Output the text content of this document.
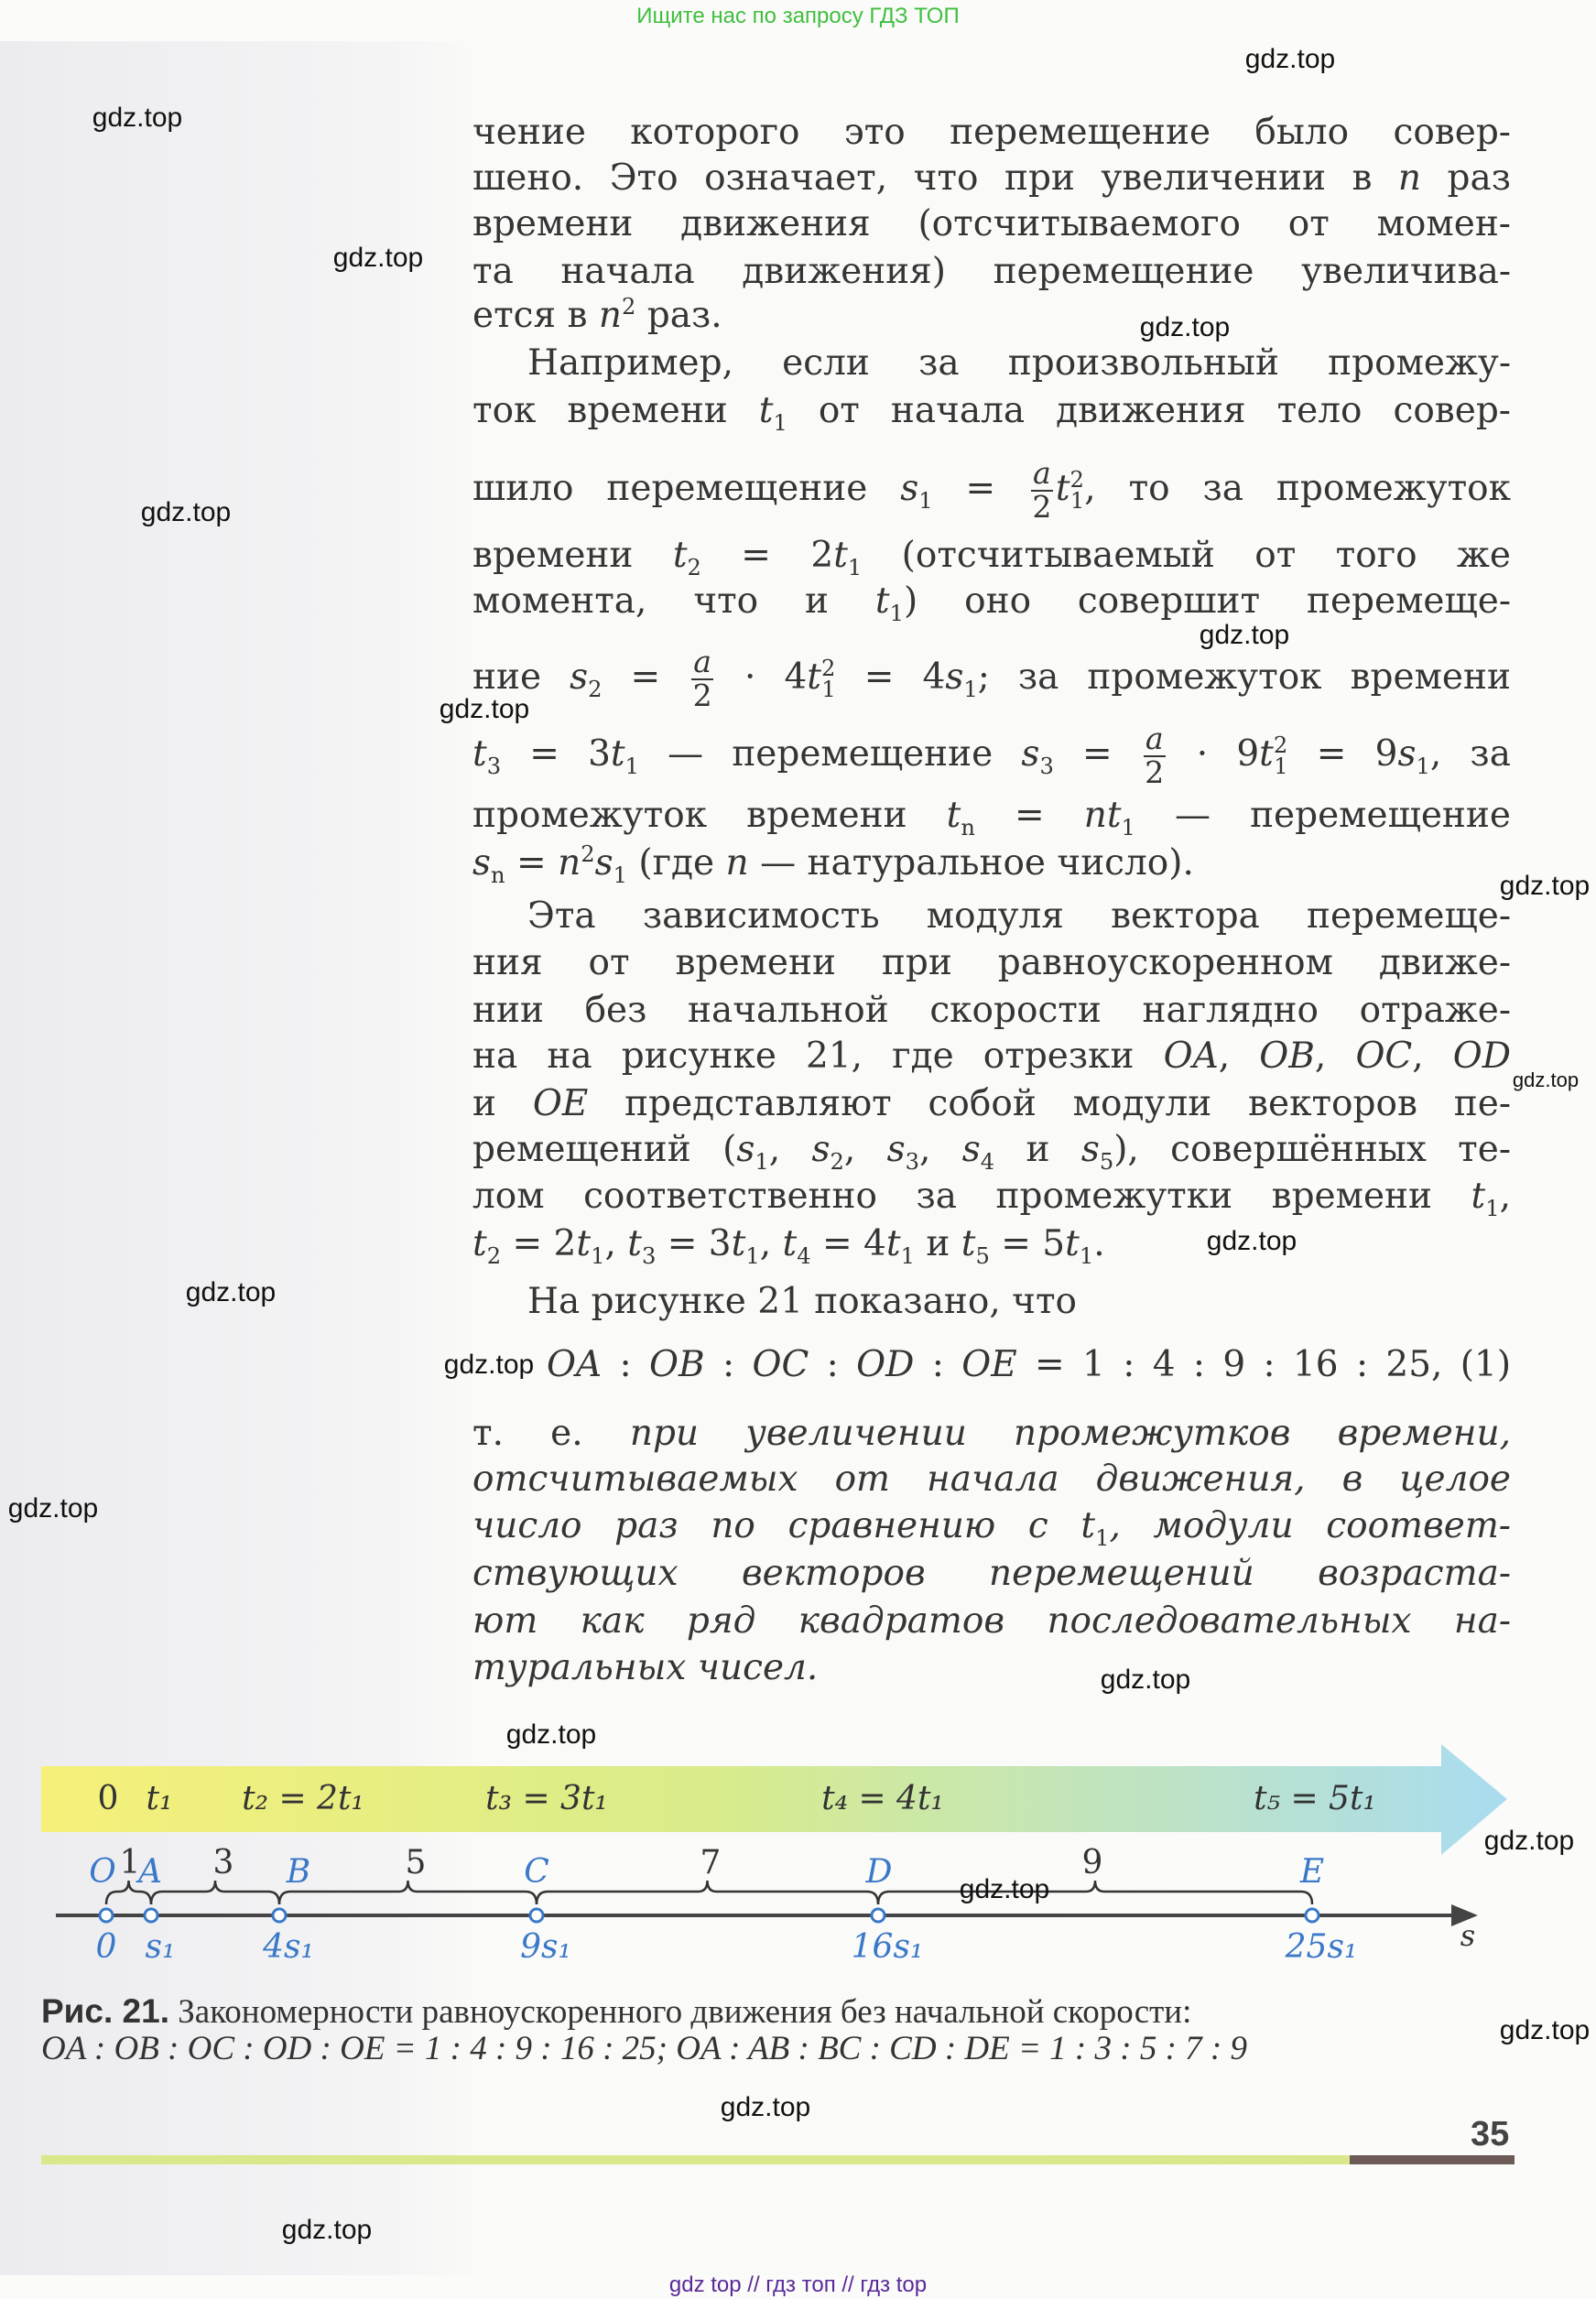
Ищите нас по запросу ГДЗ ТОП
чение которого это перемещение было совер-
шено. Это означает, что при увеличении в n раз
времени движения (отсчитываемого от момен-
та начала движения) перемещение увеличива-
ется в $n^2$ раз.
Например, если за произвольный промежу-
ток времени $t_1$ от начала движения тело совер-
шило перемещение $s_1 = \frac{a}{2} t^2_1$, то за промежуток
времени $t_2 = 2t_1$ (отсчитываемый от того же
момента, что и $t_1$) оно совершит перемеще-
ние $s_2 = \frac{a}{2} \cdot 4t^2_1 = 4s_1$; за промежуток времени
$t_3 = 3t_1$ — перемещение $s_3 = \frac{a}{2} \cdot 9t^2_1 = 9s_1$, за
промежуток времени $t_n = nt_1$ — перемещение
$s_n = n^2s_1$ (где n — натуральное число).
Эта зависимость модуля вектора перемеще-
ния от времени при равноускоренном движе-
нии без начальной скорости наглядно отраже-
на на рисунке 21, где отрезки OA, OB, OC, OD
и OE представляют собой модули векторов пе-
ремещений ($s_1$, $s_2$, $s_3$, $s_4$ и $s_5$), совершённых те-
лом соответственно за промежутки времени $t_1$,
$t_2 = 2t_1$, $t_3 = 3t_1$, $t_4 = 4t_1$ и $t_5 = 5t_1$.
На рисунке 21 показано, что
OA : OB : OC : OD : OE = 1 : 4 : 9 : 16 : 25, (1)
т. е. при увеличении промежутков времени,
отсчитываемых от начала движения, в целое
число раз по сравнению с $t_1$, модули соответ-
ствующих векторов перемещений возраста-
ют как ряд квадратов последовательных на-
туральных чисел.
0 t₁ t₂ = 2t₁	t₃ = 3t₁	t₄ = 4t₁	t₅ = 5t₁
O
0
A
s₁
B
4s₁
C
9s₁
D
16s₁
E
25s₁
1 3	5	7	9
s
Рис. 21. Закономерности равноускоренного движения без начальной скорости:
OA : OB : OC : OD : OE = 1 : 4 : 9 : 16 : 25; OA : AB : BC : CD : DE = 1 : 3 : 5 : 7 : 9
35
gdz top // гдз топ // гдз top
gdz.top
gdz.top
gdz.top
gdz.top
gdz.top
gdz.top
gdz.top
gdz.top
gdz.top
gdz.top
gdz.top
gdz.top
gdz.top
gdz.top
gdz.top
gdz.top
gdz.top
gdz.top
gdz.top
gdz.top
